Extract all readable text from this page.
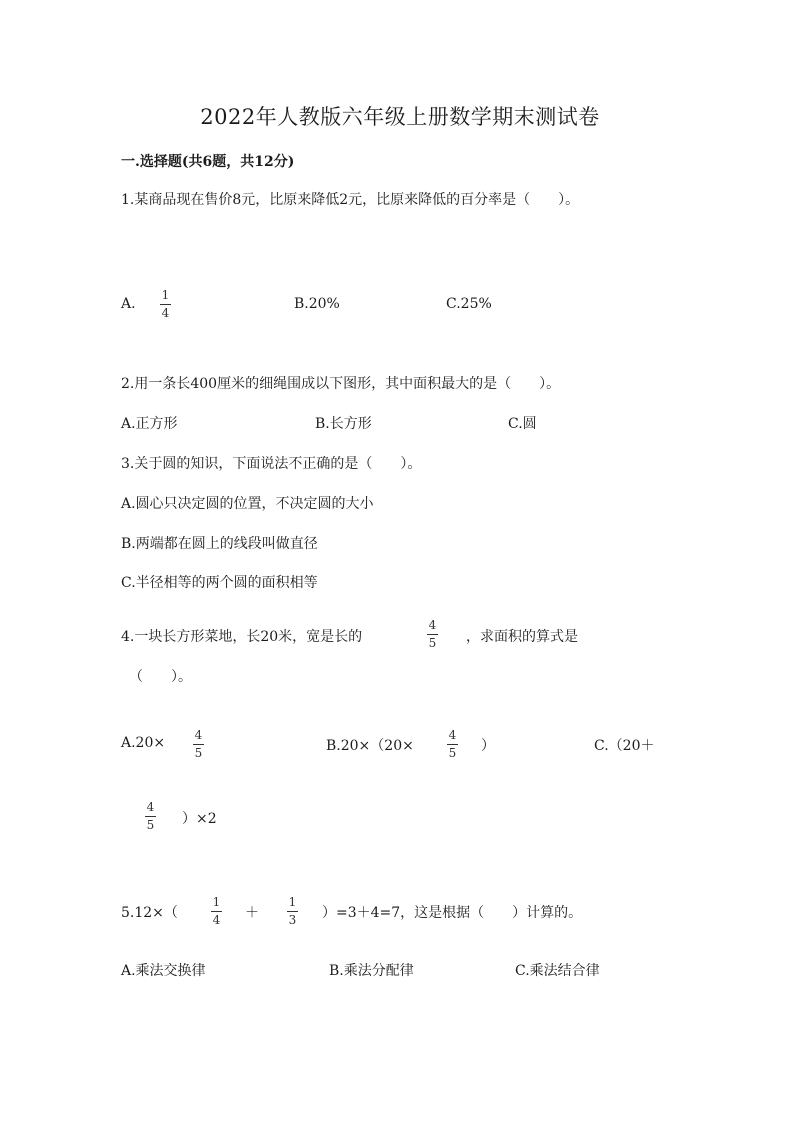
2022年人教版六年级上册数学期末测试卷
一.选择题(共6题，共12分)
1.某商品现在售价8元，比原来降低2元，比原来降低的百分率是（　　）。
A.
1
4
B.20%	C.25%
2.用一条长400厘米的细绳围成以下图形，其中面积最大的是（　　）。
A.正方形	B.长方形	C.圆
3.关于圆的知识，下面说法不正确的是（　　）。
A.圆心只决定圆的位置，不决定圆的大小
B.两端都在圆上的线段叫做直径
C.半径相等的两个圆的面积相等
4.一块长方形菜地，长20米，宽是长的
4
5 ，求面积的算式是
（　　）。
A.20× 4
5	B.20×（20×
4
5 ）	C.（20＋
4
5 ）×2
5.12×（
1
4 ＋
1
3 ）=3＋4=7，这是根据（　　）计算的。
A.乘法交换律	B.乘法分配律	C.乘法结合律
